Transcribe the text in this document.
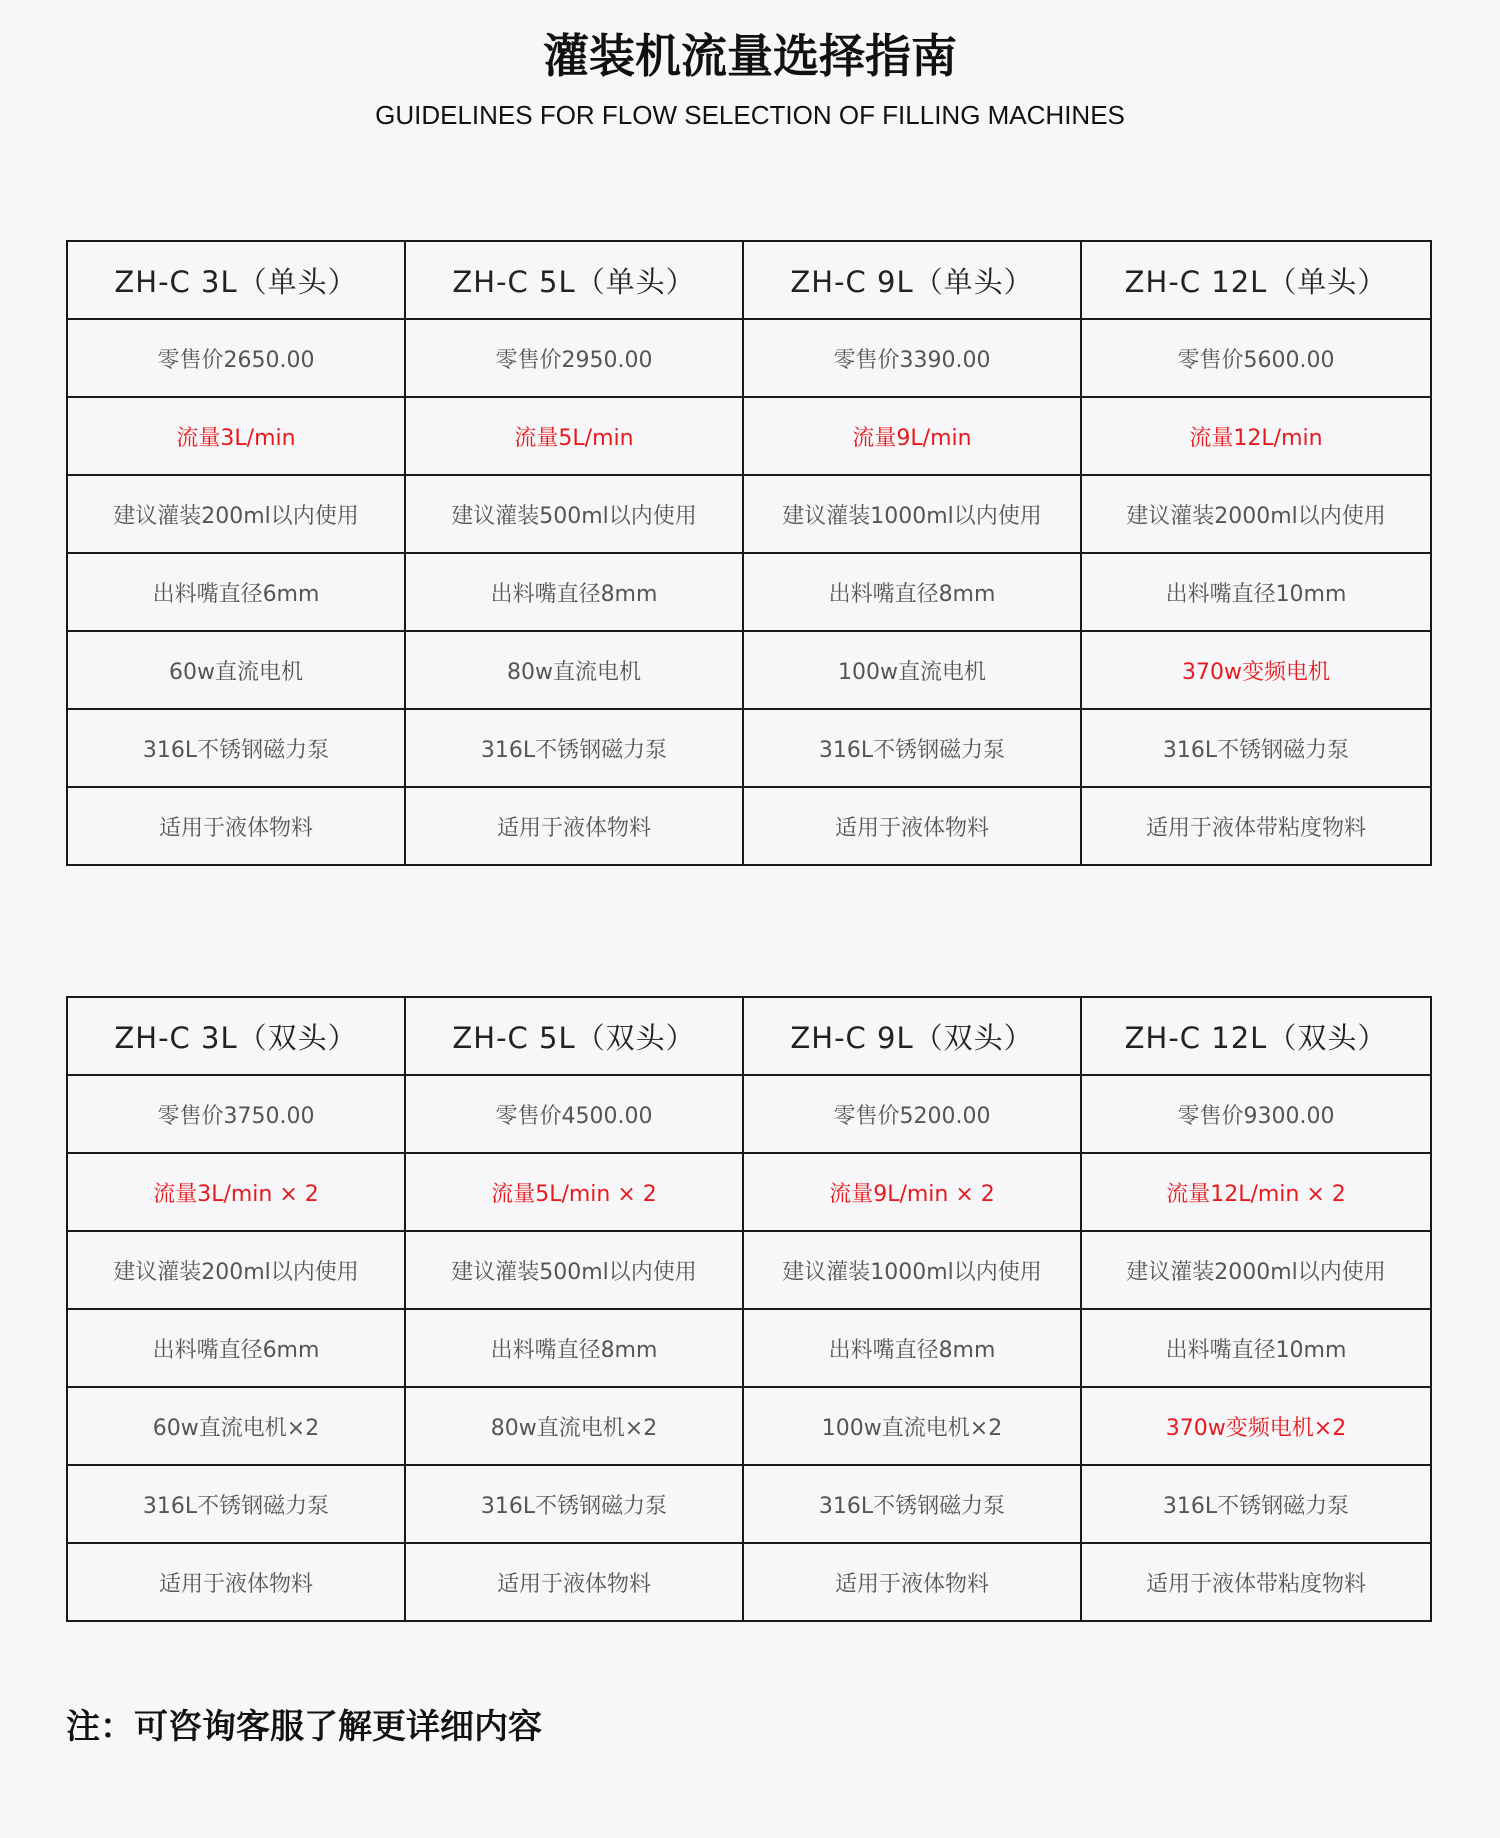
灌装机流量选择指南
GUIDELINES FOR FLOW SELECTION OF FILLING MACHINES
ZH-C 3L（单头）	ZH-C 5L（单头）	ZH-C 9L（单头）	ZH-C 12L（单头）
零售价2650.00	零售价2950.00	零售价3390.00	零售价5600.00
流量3L/min	流量5L/min	流量9L/min	流量12L/min
建议灌装200ml以内使用	建议灌装500ml以内使用	建议灌装1000ml以内使用	建议灌装2000ml以内使用
出料嘴直径6mm	出料嘴直径8mm	出料嘴直径8mm	出料嘴直径10mm
60w直流电机	80w直流电机	100w直流电机	370w变频电机
316L不锈钢磁力泵	316L不锈钢磁力泵	316L不锈钢磁力泵	316L不锈钢磁力泵
适用于液体物料	适用于液体物料	适用于液体物料	适用于液体带粘度物料
ZH-C 3L（双头）	ZH-C 5L（双头）	ZH-C 9L（双头）	ZH-C 12L（双头）
零售价3750.00	零售价4500.00	零售价5200.00	零售价9300.00
流量3L/min × 2	流量5L/min × 2	流量9L/min × 2	流量12L/min × 2
建议灌装200ml以内使用	建议灌装500ml以内使用	建议灌装1000ml以内使用	建议灌装2000ml以内使用
出料嘴直径6mm	出料嘴直径8mm	出料嘴直径8mm	出料嘴直径10mm
60w直流电机×2	80w直流电机×2	100w直流电机×2	370w变频电机×2
316L不锈钢磁力泵	316L不锈钢磁力泵	316L不锈钢磁力泵	316L不锈钢磁力泵
适用于液体物料	适用于液体物料	适用于液体物料	适用于液体带粘度物料
注：可咨询客服了解更详细内容
